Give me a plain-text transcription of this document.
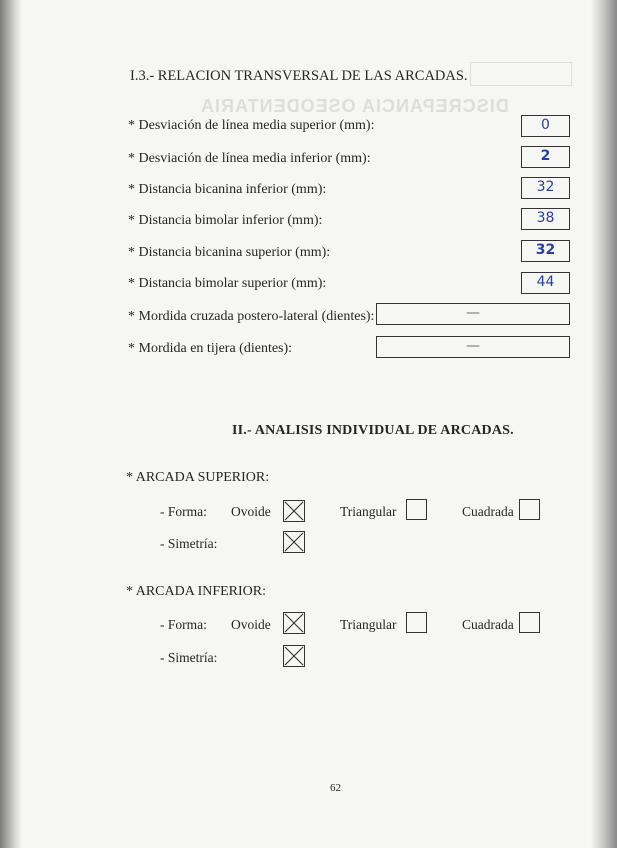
DISCREPANCIA OSEODENTARIA
I.3.- RELACION TRANSVERSAL DE LAS ARCADAS.
* Desviación de línea media superior (mm):	0
* Desviación de línea media inferior (mm):	2
* Distancia bicanina inferior (mm):	32
* Distancia bimolar inferior (mm):	38
* Distancia bicanina superior (mm):	32
* Distancia bimolar superior (mm):	44
* Mordida cruzada postero-lateral (dientes):	—
* Mordida en tijera (dientes):	—
II.- ANALISIS INDIVIDUAL DE ARCADAS.
* ARCADA SUPERIOR:
- Forma: Ovoide	Triangular	Cuadrada
- Simetría:
* ARCADA INFERIOR:
- Forma: Ovoide	Triangular	Cuadrada
- Simetría:
62
